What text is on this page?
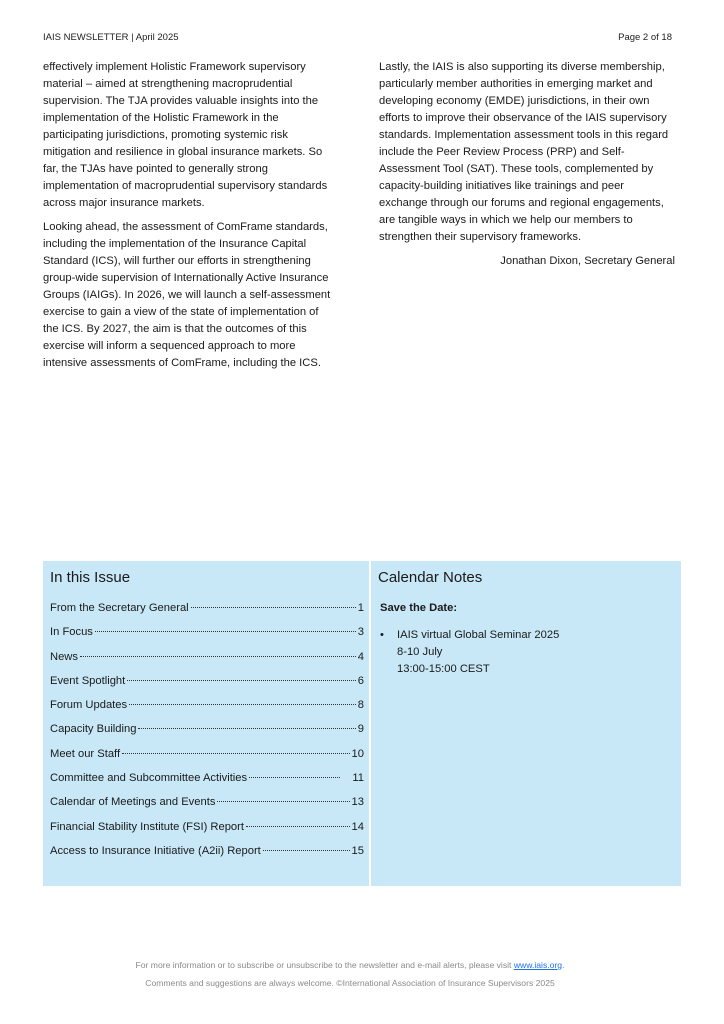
IAIS NEWSLETTER | April 2025	Page 2 of 18

effectively implement Holistic Framework supervisory material – aimed at strengthening macroprudential supervision. The TJA provides valuable insights into the implementation of the Holistic Framework in the participating jurisdictions, promoting systemic risk mitigation and resilience in global insurance markets. So far, the TJAs have pointed to generally strong implementation of macroprudential supervisory standards across major insurance markets.

Looking ahead, the assessment of ComFrame standards, including the implementation of the Insurance Capital Standard (ICS), will further our efforts in strengthening group-wide supervision of Internationally Active Insurance Groups (IAIGs). In 2026, we will launch a self-assessment exercise to gain a view of the state of implementation of the ICS. By 2027, the aim is that the outcomes of this exercise will inform a sequenced approach to more intensive assessments of ComFrame, including the ICS.

Lastly, the IAIS is also supporting its diverse membership, particularly member authorities in emerging market and developing economy (EMDE) jurisdictions, in their own efforts to improve their observance of the IAIS supervisory standards. Implementation assessment tools in this regard include the Peer Review Process (PRP) and Self-Assessment Tool (SAT). These tools, complemented by capacity-building initiatives like trainings and peer exchange through our forums and regional engagements, are tangible ways in which we help our members to strengthen their supervisory frameworks.

Jonathan Dixon, Secretary General

In this Issue
From the Secretary General	1
In Focus	3
News	4
Event Spotlight	6
Forum Updates	8
Capacity Building	9
Meet our Staff	10
Committee and Subcommittee Activities	11
Calendar of Meetings and Events	13
Financial Stability Institute (FSI) Report	14
Access to Insurance Initiative (A2ii) Report	15
Calendar Notes
Save the Date:
•	IAIS virtual Global Seminar 2025
8-10 July
13:00-15:00 CEST
For more information or to subscribe or unsubscribe to the newsletter and e-mail alerts, please visit www.iais.org.
Comments and suggestions are always welcome. ©International Association of Insurance Supervisors 2025
